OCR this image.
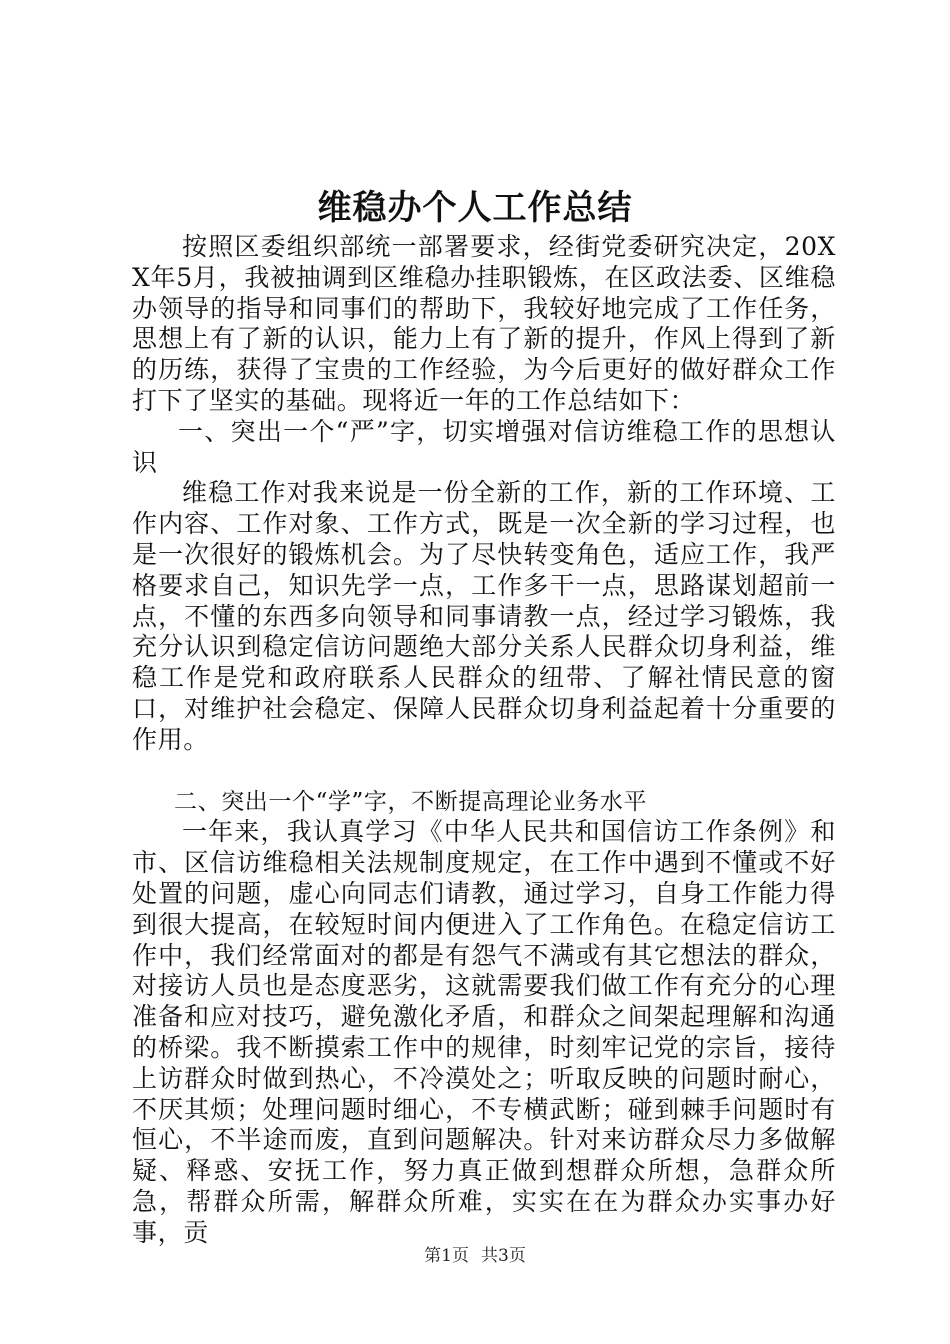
维稳办个人工作总结

按照区委组织部统一部署要求，经街党委研究决定，20XX年5月，我被抽调到区维稳办挂职锻炼，在区政法委、区维稳办领导的指导和同事们的帮助下，我较好地完成了工作任务，思想上有了新的认识，能力上有了新的提升，作风上得到了新的历练，获得了宝贵的工作经验，为今后更好的做好群众工作打下了坚实的基础。现将近一年的工作总结如下：

一、突出一个“严”字，切实增强对信访维稳工作的思想认识

维稳工作对我来说是一份全新的工作，新的工作环境、工作内容、工作对象、工作方式，既是一次全新的学习过程，也是一次很好的锻炼机会。为了尽快转变角色，适应工作，我严格要求自己，知识先学一点，工作多干一点，思路谋划超前一点，不懂的东西多向领导和同事请教一点，经过学习锻炼，我充分认识到稳定信访问题绝大部分关系人民群众切身利益，维稳工作是党和政府联系人民群众的纽带、了解社情民意的窗口，对维护社会稳定、保障人民群众切身利益起着十分重要的作用。

二、突出一个“学”字，不断提高理论业务水平

一年来，我认真学习《中华人民共和国信访工作条例》和市、区信访维稳相关法规制度规定，在工作中遇到不懂或不好处置的问题，虚心向同志们请教，通过学习，自身工作能力得到很大提高，在较短时间内便进入了工作角色。在稳定信访工作中，我们经常面对的都是有怨气不满或有其它想法的群众，对接访人员也是态度恶劣，这就需要我们做工作有充分的心理准备和应对技巧，避免激化矛盾，和群众之间架起理解和沟通的桥梁。我不断摸索工作中的规律，时刻牢记党的宗旨，接待上访群众时做到热心，不冷漠处之；听取反映的问题时耐心，不厌其烦；处理问题时细心，不专横武断；碰到棘手问题时有恒心，不半途而废，直到问题解决。针对来访群众尽力多做解疑、释惑、安抚工作，努力真正做到想群众所想，急群众所急，帮群众所需，解群众所难，实实在在为群众办实事办好事，贡

第1页 共3页
